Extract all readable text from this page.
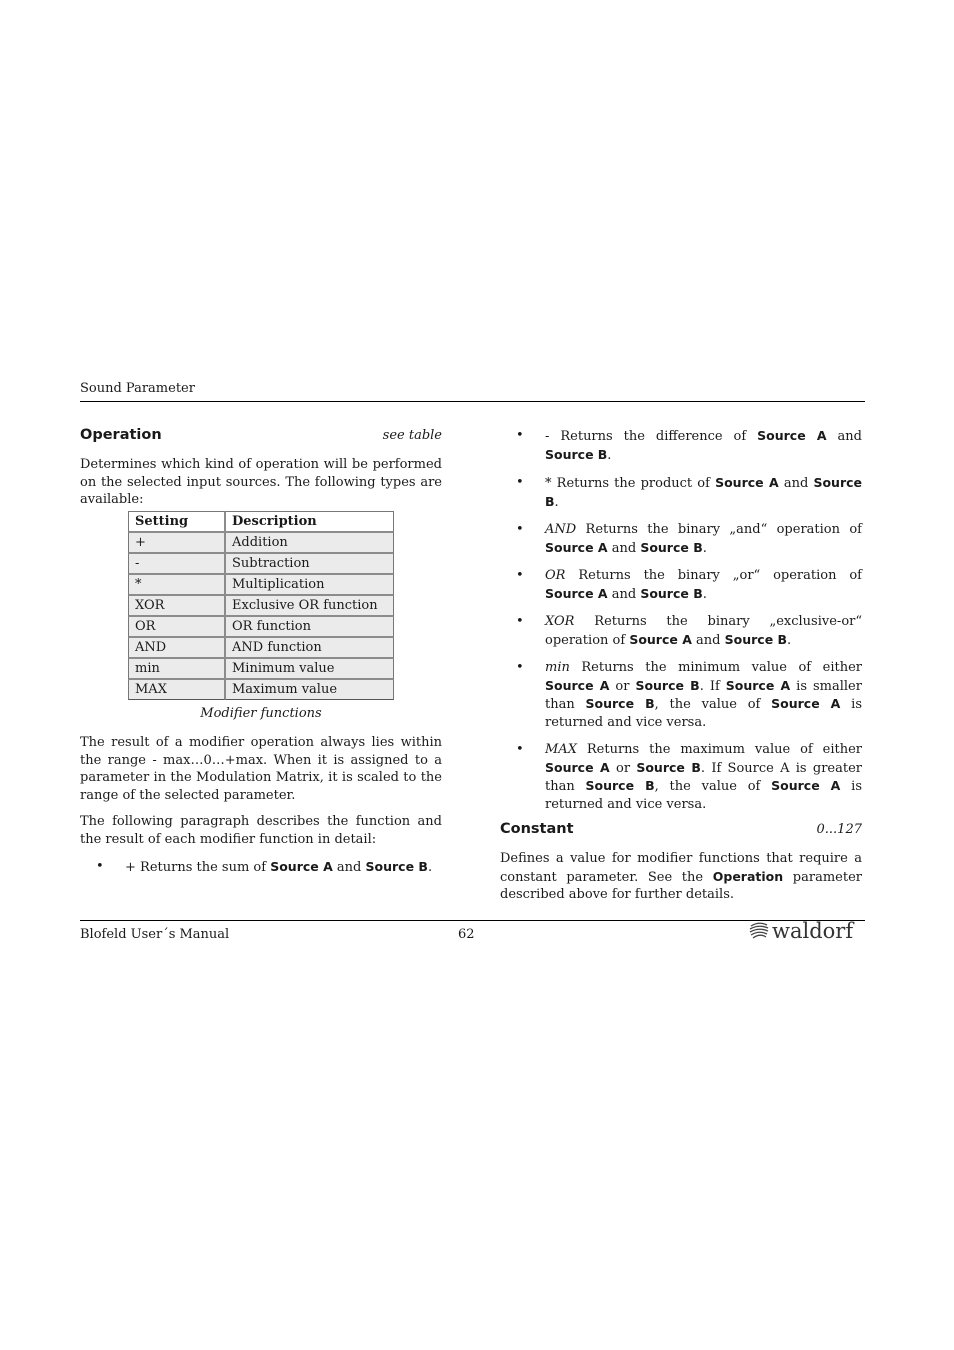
Sound Parameter
Operation	see table

Determines which kind of operation will be performed on the selected input sources. The following types are available:

Setting	Description
+	Addition
-	Subtraction
*	Multiplication
XOR	Exclusive OR function
OR	OR function
AND	AND function
min	Minimum value
MAX	Maximum value
Modifier functions

The result of a modifier operation always lies within the range - max…0…+max. When it is assigned to a parameter in the Modulation Matrix, it is scaled to the range of the selected parameter.

The following paragraph describes the function and the result of each modifier function in detail:

• + Returns the sum of Source A and Source B.
• - Returns the difference of Source A and Source B.
• * Returns the product of Source A and Source B.
• AND Returns the binary „and“ operation of Source A and Source B.
• OR Returns the binary „or“ operation of Source A and Source B.
• XOR Returns the binary „exclusive-or“ operation of Source A and Source B.
• min Returns the minimum value of either Source A or Source B. If Source A is smaller than Source B, the value of Source A is returned and vice versa.
• MAX Returns the maximum value of either Source A or Source B. If Source A is greater than Source B, the value of Source A is returned and vice versa.
Constant	0...127

Defines a value for modifier functions that require a constant parameter. See the Operation parameter described above for further details.

Blofeld User´s Manual	62	waldorf
